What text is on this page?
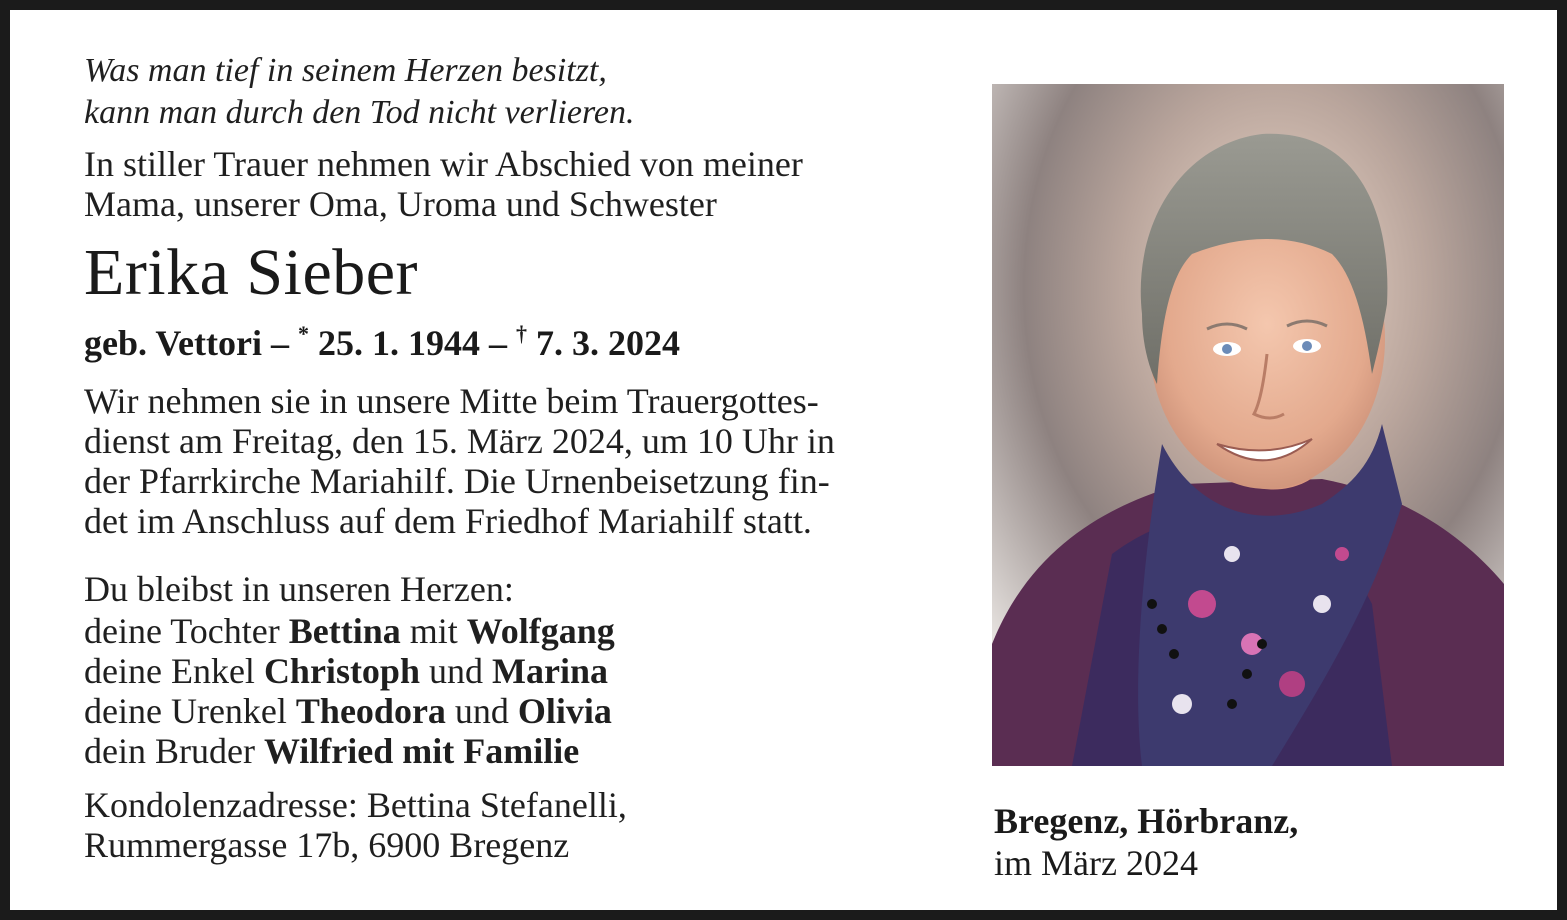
Was man tief in seinem Herzen besitzt,
kann man durch den Tod nicht verlieren.

In stiller Trauer nehmen wir Abschied von meiner

Mama, unserer Oma, Uroma und Schwester

Erika Sieber

geb. Vettori – * 25. 1. 1944 – † 7. 3. 2024

Wir nehmen sie in unsere Mitte beim Trauergottes-

dienst am Freitag, den 15. März 2024, um 10 Uhr in

der Pfarrkirche Mariahilf. Die Urnenbeisetzung fin-

det im Anschluss auf dem Friedhof Mariahilf statt.

Du bleibst in unseren Herzen:

deine Tochter Bettina mit Wolfgang

deine Enkel Christoph und Marina

deine Urenkel Theodora und Olivia

dein Bruder Wilfried mit Familie

Kondolenzadresse: Bettina Stefanelli,

Rummergasse 17b, 6900 Bregenz

Bregenz, Hörbranz,

im März 2024
